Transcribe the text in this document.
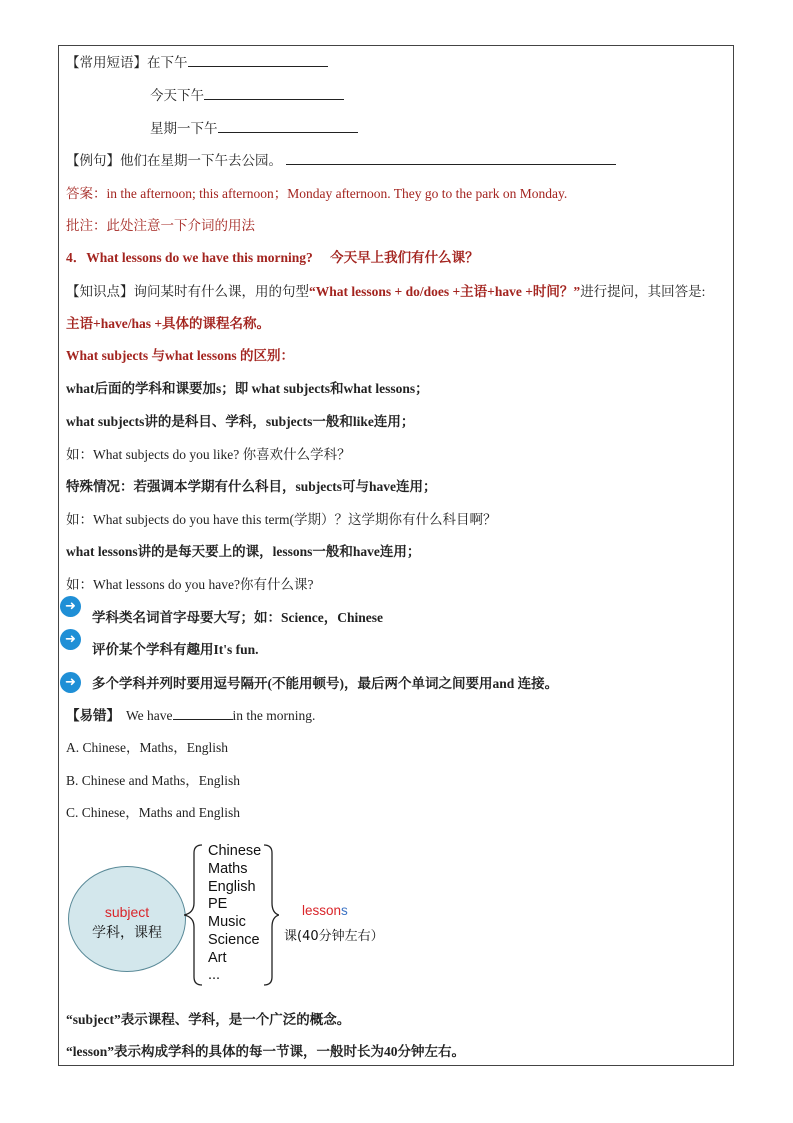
【常用短语】在下午
今天下午
星期一下午
【例句】他们在星期一下午去公园。
答案：in the afternoon; this afternoon；Monday afternoon. They go to the park on Monday.
批注：此处注意一下介词的用法
4．What lessons do we have this morning? 今天早上我们有什么课？
【知识点】询问某时有什么课，用的句型“What lessons + do/does +主语+have +时间？”进行提问，其回答是:
主语+have/has +具体的课程名称。
What subjects 与what lessons 的区别：
what后面的学科和课要加s；即 what subjects和what lessons；
what subjects讲的是科目、学科，subjects一般和like连用；
如：What subjects do you like? 你喜欢什么学科？
特殊情况：若强调本学期有什么科目，subjects可与have连用；
如：What subjects do you have this term(学期）？这学期你有什么科目啊？
what lessons讲的是每天要上的课，lessons一般和have连用；
如：What lessons do you have?你有什么课?
➜
学科类名词首字母要大写；如：Science，Chinese
➜
评价某个学科有趣用It's fun.
➜	多个学科并列时要用逗号隔开(不能用顿号)，最后两个单词之间要用and 连接。
【易错】 We have	in the morning.
A. Chinese，Maths，English
B. Chinese and Maths，English
C. Chinese，Maths and English
subject
学科，课程
Chinese
Maths
English
PE
Music
Science
Art
...
lessons
课(40分钟左右）
“subject”表示课程、学科，是一个广泛的概念。
“lesson”表示构成学科的具体的每一节课，一般时长为40分钟左右。
